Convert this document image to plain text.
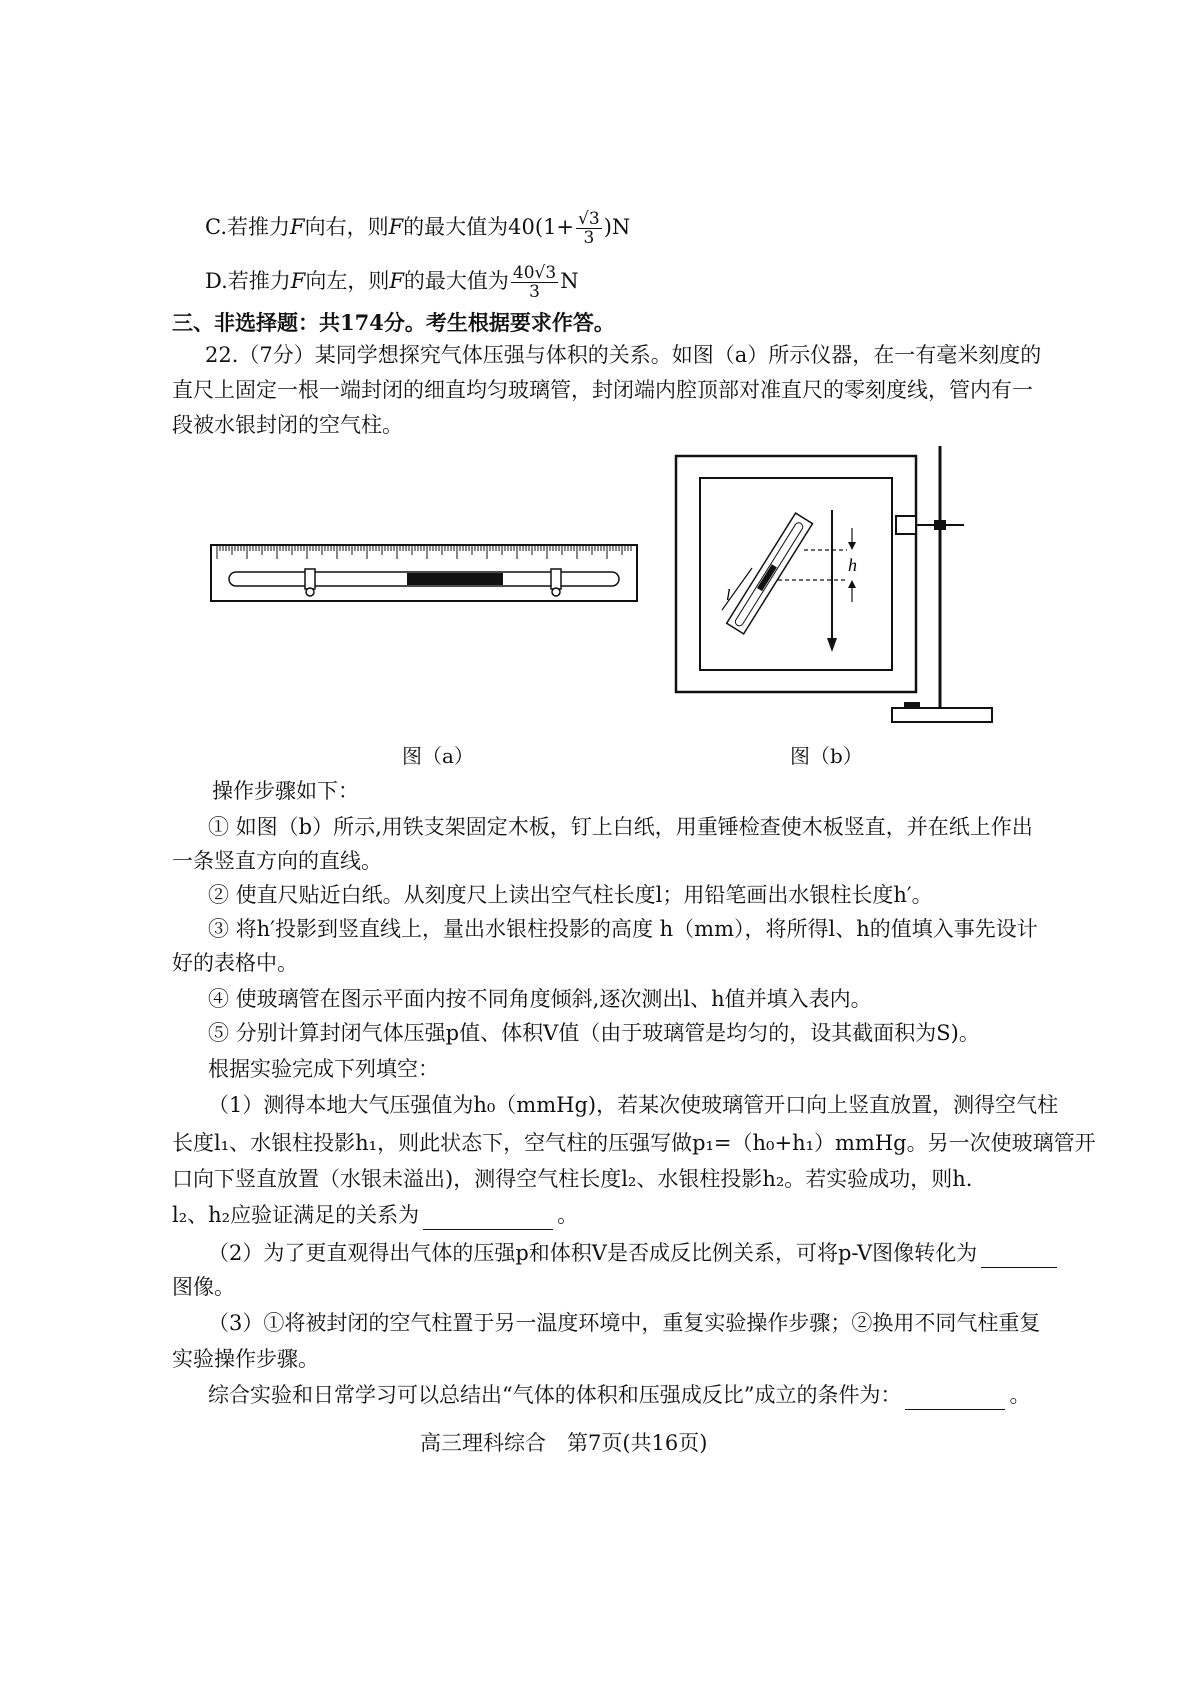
C.若推力F向右，则F的最大值为$40(1+ \frac{√3}{3} )N$
D.若推力F向左，则F的最大值为 $\frac{40√3}{3}$ N
三、非选择题：共174分。考生根据要求作答。
22.（7分）某同学想探究气体压强与体积的关系。如图（a）所示仪器，在一有毫米刻度的
直尺上固定一根一端封闭的细直均匀玻璃管，封闭端内腔顶部对准直尺的零刻度线，管内有一
段被水银封闭的空气柱。
h
l
图（a）	图（b）
操作步骤如下：
① 如图（b）所示,用铁支架固定木板，钉上白纸，用重锤检查使木板竖直，并在纸上作出
一条竖直方向的直线。
② 使直尺贴近白纸。从刻度尺上读出空气柱长度l；用铅笔画出水银柱长度h′。
③ 将h′投影到竖直线上，量出水银柱投影的高度 h（mm），将所得l、h的值填入事先设计
好的表格中。
④ 使玻璃管在图示平面内按不同角度倾斜,逐次测出l、h值并填入表内。
⑤ 分别计算封闭气体压强p值、体积V值（由于玻璃管是均匀的，设其截面积为S)。
根据实验完成下列填空：
（1）测得本地大气压强值为h₀（mmHg)，若某次使玻璃管开口向上竖直放置，测得空气柱
长度l₁、水银柱投影h₁，则此状态下，空气柱的压强写做p₁=（h₀+h₁）mmHg。另一次使玻璃管开
口向下竖直放置（水银未溢出)，测得空气柱长度l₂、水银柱投影h₂。若实验成功，则h.
l₂、h₂应验证满足的关系为	。
（2）为了更直观得出气体的压强p和体积V是否成反比例关系，可将p-V图像转化为
图像。
（3）①将被封闭的空气柱置于另一温度环境中，重复实验操作步骤；②换用不同气柱重复
实验操作步骤。
综合实验和日常学习可以总结出“气体的体积和压强成反比”成立的条件为：	。
高三理科综合　第7页(共16页)
